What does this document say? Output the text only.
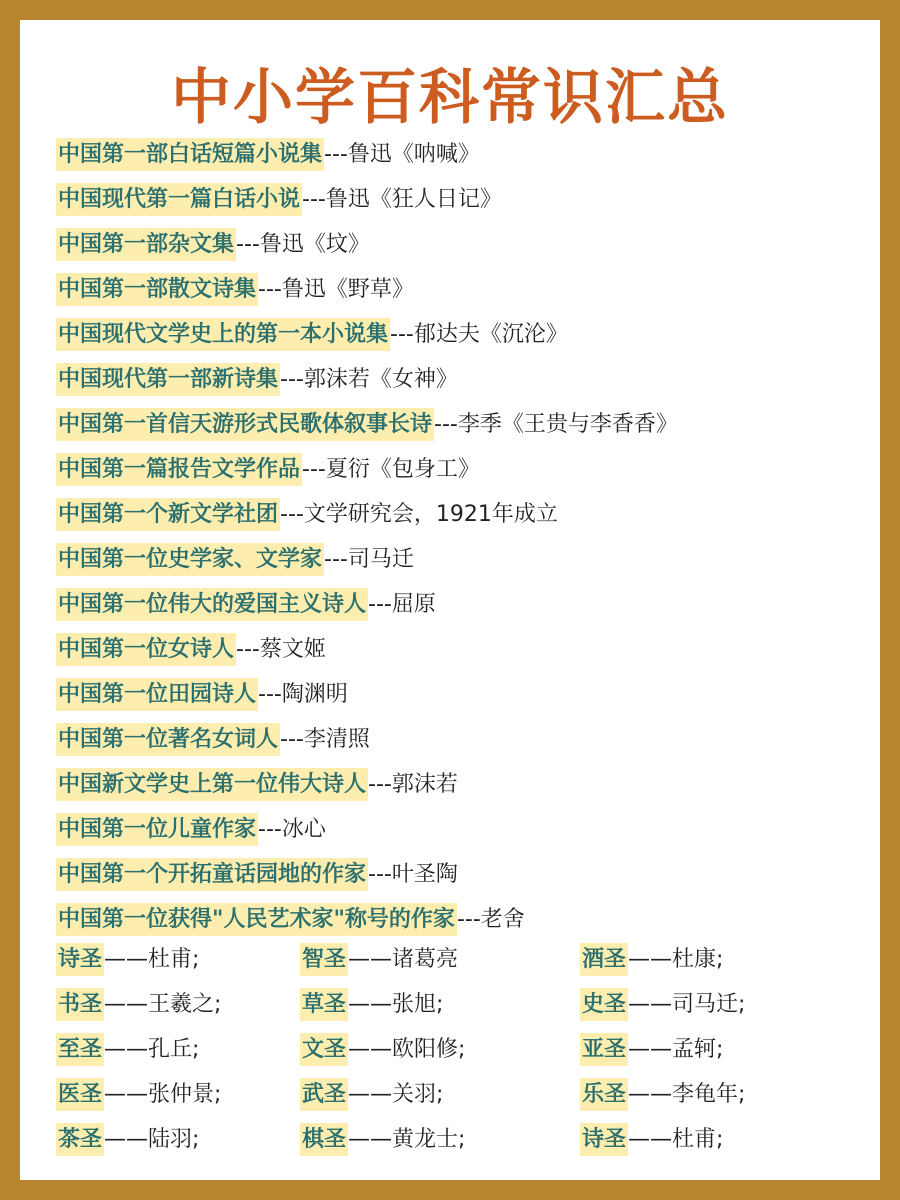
中小学百科常识汇总
中国第一部白话短篇小说集---鲁迅《呐喊》
中国现代第一篇白话小说---鲁迅《狂人日记》
中国第一部杂文集---鲁迅《坟》
中国第一部散文诗集---鲁迅《野草》
中国现代文学史上的第一本小说集---郁达夫《沉沦》
中国现代第一部新诗集---郭沫若《女神》
中国第一首信天游形式民歌体叙事长诗---李季《王贵与李香香》
中国第一篇报告文学作品---夏衍《包身工》
中国第一个新文学社团---文学研究会，1921年成立
中国第一位史学家、文学家---司马迁
中国第一位伟大的爱国主义诗人---屈原
中国第一位女诗人---蔡文姬
中国第一位田园诗人---陶渊明
中国第一位著名女词人---李清照
中国新文学史上第一位伟大诗人---郭沫若
中国第一位儿童作家---冰心
中国第一个开拓童话园地的作家---叶圣陶
中国第一位获得"人民艺术家"称号的作家---老舍
诗圣——杜甫;	智圣——诸葛亮	酒圣——杜康;
书圣——王羲之;	草圣——张旭;	史圣——司马迁;
至圣——孔丘;	文圣——欧阳修;	亚圣——孟轲;
医圣——张仲景;	武圣——关羽;	乐圣——李龟年;
茶圣——陆羽;	棋圣——黄龙士;	诗圣——杜甫;
